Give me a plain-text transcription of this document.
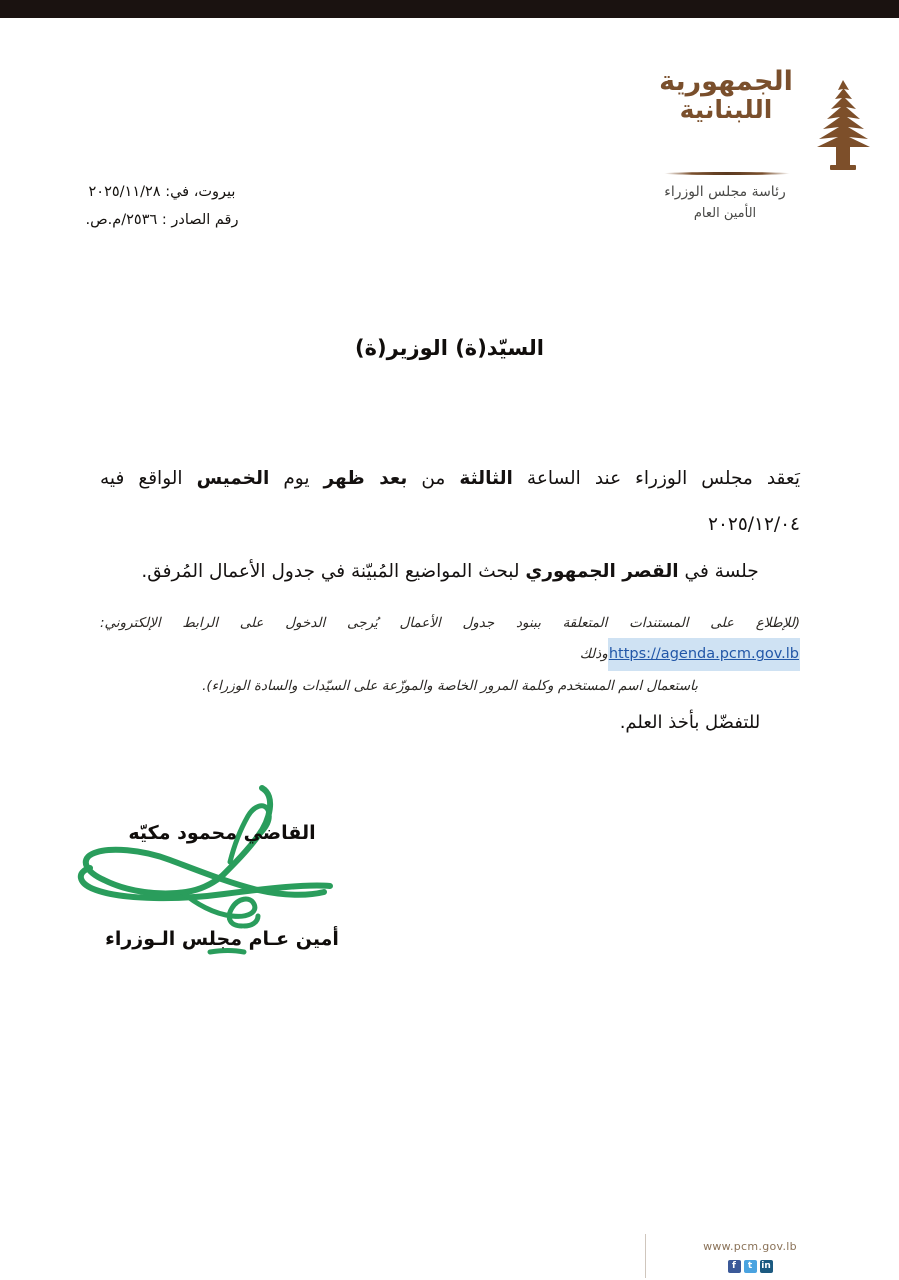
الجمهورية
اللبنانية
رئاسة مجلس الوزراء
الأمين العام
بيروت، في: ٢٠٢٥/١١/٢٨
رقم الصادر : ٢٥٣٦/م.ص.
السيّد(ة) الوزير(ة)
يَعقد مجلس الوزراء عند الساعة الثالثة من بعد ظهر يوم الخميس الواقع فيه ٢٠٢٥/١٢/٠٤
جلسة في القصر الجمهوري لبحث المواضيع المُبيّنة في جدول الأعمال المُرفق.
(للإطلاع على المستندات المتعلقة ببنود جدول الأعمال يُرجى الدخول على الرابط الإلكتروني: https://agenda.pcm.gov.lbوذلك
باستعمال اسم المستخدم وكلمة المرور الخاصة والموزّعة على السيّدات والسادة الوزراء).
للتفضّل بأخذ العلم.
القاضي محمود مكيّه
أمين عـام مجلس الـوزراء
www.pcm.gov.lb
f	t	in
